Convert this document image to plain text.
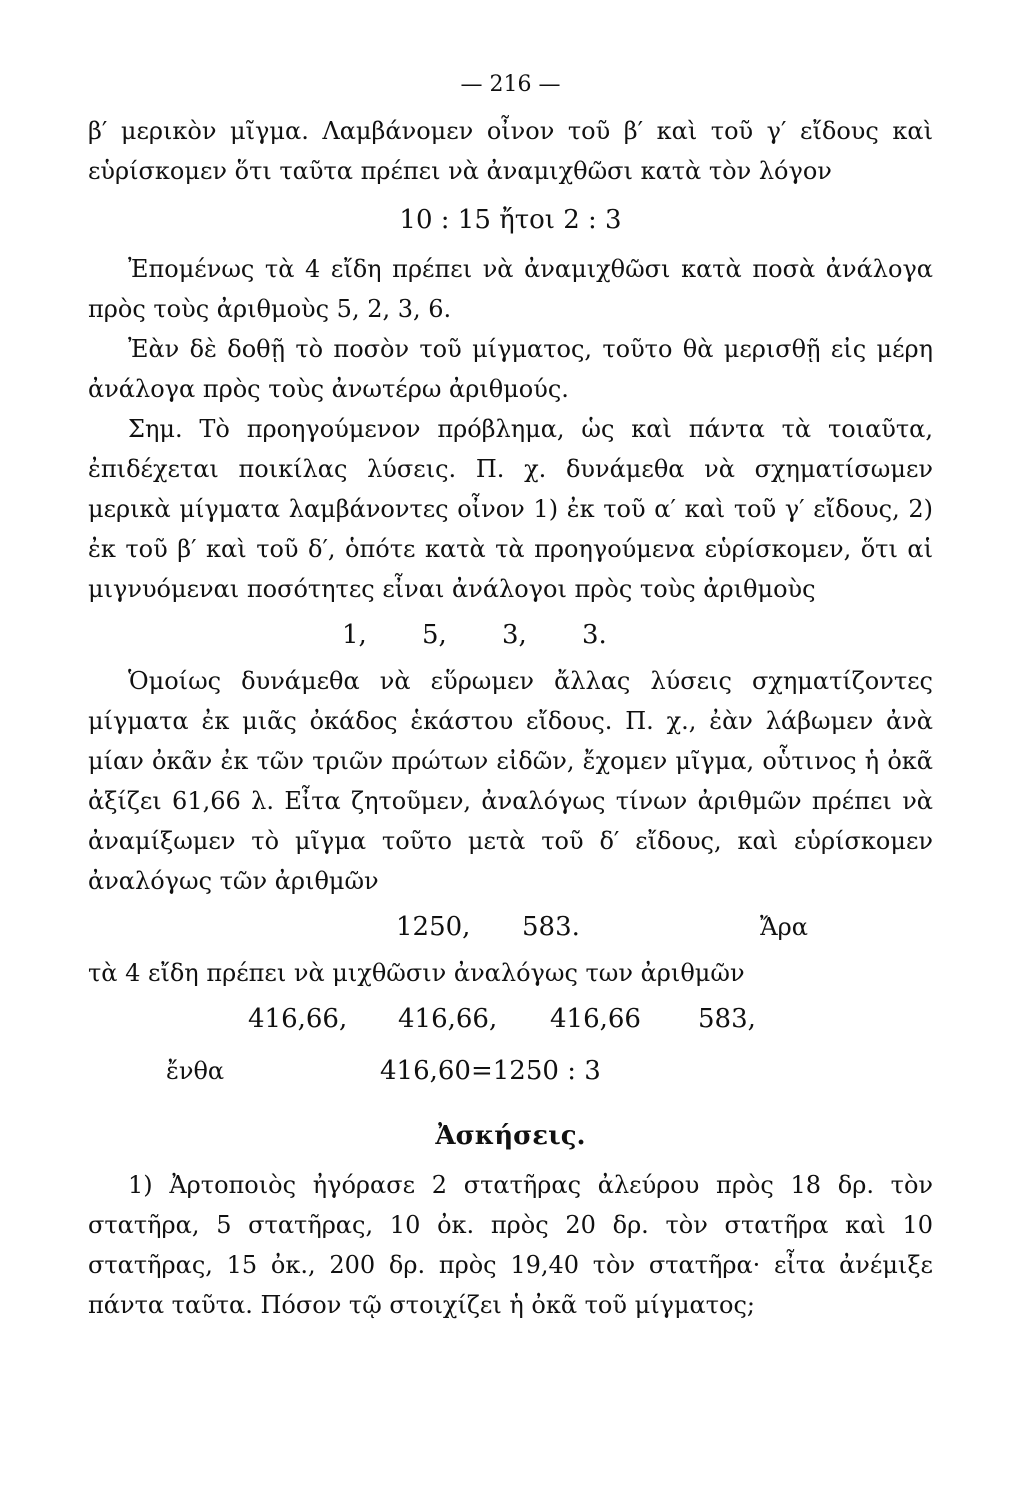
— 216 —

β′ μερικὸν μῖγμα. Λαμβάνομεν οἶνον τοῦ β′ καὶ τοῦ γ′ εἴδους καὶ εὑρίσκομεν ὅτι ταῦτα πρέπει νὰ ἀναμιχθῶσι κατὰ τὸν λόγον

10 : 15 ἤτοι 2 : 3

Ἐπομένως τὰ 4 εἴδη πρέπει νὰ ἀναμιχθῶσι κατὰ ποσὰ ἀνάλογα πρὸς τοὺς ἀριθμοὺς 5, 2, 3, 6.

Ἐὰν δὲ δοθῇ τὸ ποσὸν τοῦ μίγματος, τοῦτο θὰ μερισθῇ εἰς μέρη ἀνάλογα πρὸς τοὺς ἀνωτέρω ἀριθμούς.

Σημ. Τὸ προηγούμενον πρόβλημα, ὡς καὶ πάντα τὰ τοιαῦτα, ἐπιδέχεται ποικίλας λύσεις. Π. χ. δυνάμεθα νὰ σχηματίσωμεν μερικὰ μίγματα λαμβάνοντες οἶνον 1) ἐκ τοῦ α′ καὶ τοῦ γ′ εἴδους, 2) ἐκ τοῦ β′ καὶ τοῦ δ′, ὁπότε κατὰ τὰ προηγούμενα εὑρίσκομεν, ὅτι αἱ μιγνυόμεναι ποσότητες εἶναι ἀνάλογοι πρὸς τοὺς ἀριθμοὺς

1, 5, 3, 3.

Ὁμοίως δυνάμεθα νὰ εὕρωμεν ἄλλας λύσεις σχηματίζοντες μίγματα ἐκ μιᾶς ὀκάδος ἑκάστου εἴδους. Π. χ., ἐὰν λάβωμεν ἀνὰ μίαν ὀκᾶν ἐκ τῶν τριῶν πρώτων εἰδῶν, ἔχομεν μῖγμα, οὗτινος ἡ ὀκᾶ ἀξίζει 61,66 λ. Εἶτα ζητοῦμεν, ἀναλόγως τίνων ἀριθμῶν πρέπει νὰ ἀναμίξωμεν τὸ μῖγμα τοῦτο μετὰ τοῦ δ′ εἴδους, καὶ εὑρίσκομεν ἀναλόγως τῶν ἀριθμῶν

1250, 583.	Ἄρα

τὰ 4 εἴδη πρέπει νὰ μιχθῶσιν ἀναλόγως των ἀριθμῶν

416,66, 416,66, 416,66 583,
ἔνθα	416,60=1250 : 3
Ἀσκήσεις.

1) Ἀρτοποιὸς ἠγόρασε 2 στατῆρας ἀλεύρου πρὸς 18 δρ. τὸν στατῆρα, 5 στατῆρας, 10 ὀκ. πρὸς 20 δρ. τὸν στατῆρα καὶ 10 στατῆρας, 15 ὀκ., 200 δρ. πρὸς 19,40 τὸν στατῆρα· εἶτα ἀνέμιξε πάντα ταῦτα. Πόσον τῷ στοιχίζει ἡ ὀκᾶ τοῦ μίγματος;
